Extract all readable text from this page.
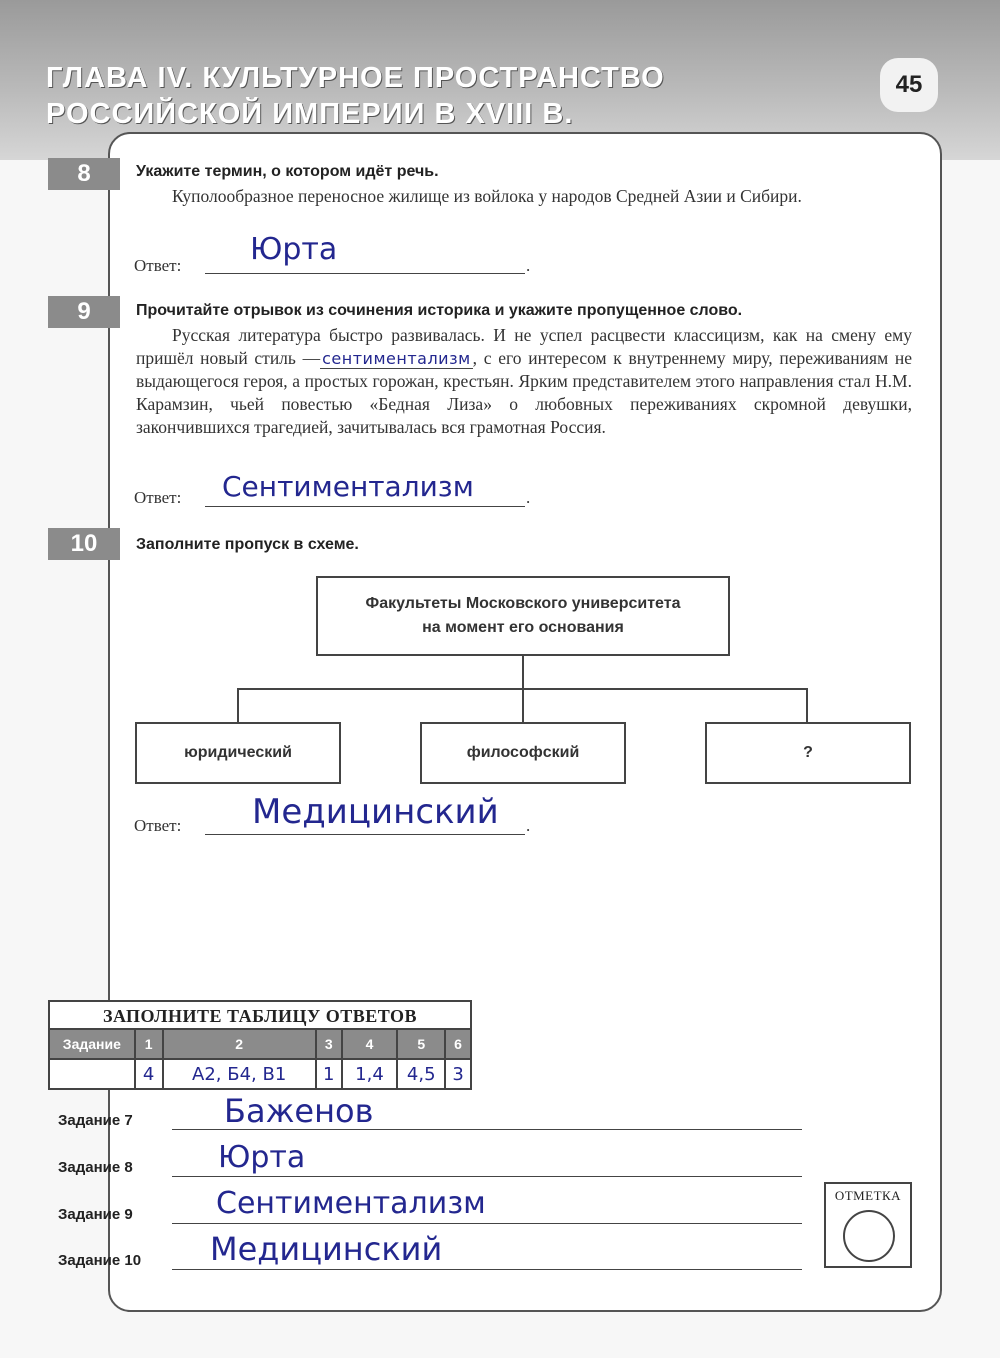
ГЛАВА IV. КУЛЬТУРНОЕ ПРОСТРАНСТВО
РОССИЙСКОЙ ИМПЕРИИ В XVIII В.
45
8	Укажите термин, о котором идёт речь.

Куполообразное переносное жилище из войлока у народов Средней Азии и Сибири.

Ответ:	.
Юрта
9	Прочитайте отрывок из сочинения историка и укажите пропущенное слово.

Русская литература быстро развивалась. И не успел расцвести классицизм, как на смену ему пришёл новый стиль — сентиментализм , с его интересом к внутреннему миру, переживаниям не выдающегося героя, а простых горожан, крестьян. Ярким представителем этого направления стал Н.М. Карамзин, чьей повестью «Бедная Лиза» о любовных переживаниях скромной девушки, закончившихся трагедией, зачитывалась вся грамотная Россия.

Ответ:	.
Сентиментализм
10	Заполните пропуск в схеме.
Факультеты Московского университета
на момент его основания
юридический	философский	?
Ответ:	.
Медицинский
ЗАПОЛНИТЕ ТАБЛИЦУ ОТВЕТОВ
Задание	1	2	3	4	5	6
	4	А2, Б4, В1	1	1,4	4,5	3
Задание 7	Баженов
Задание 8	Юрта
Задание 9	Сентиментализм
Задание 10 Медицинский
ОТМЕТКА
